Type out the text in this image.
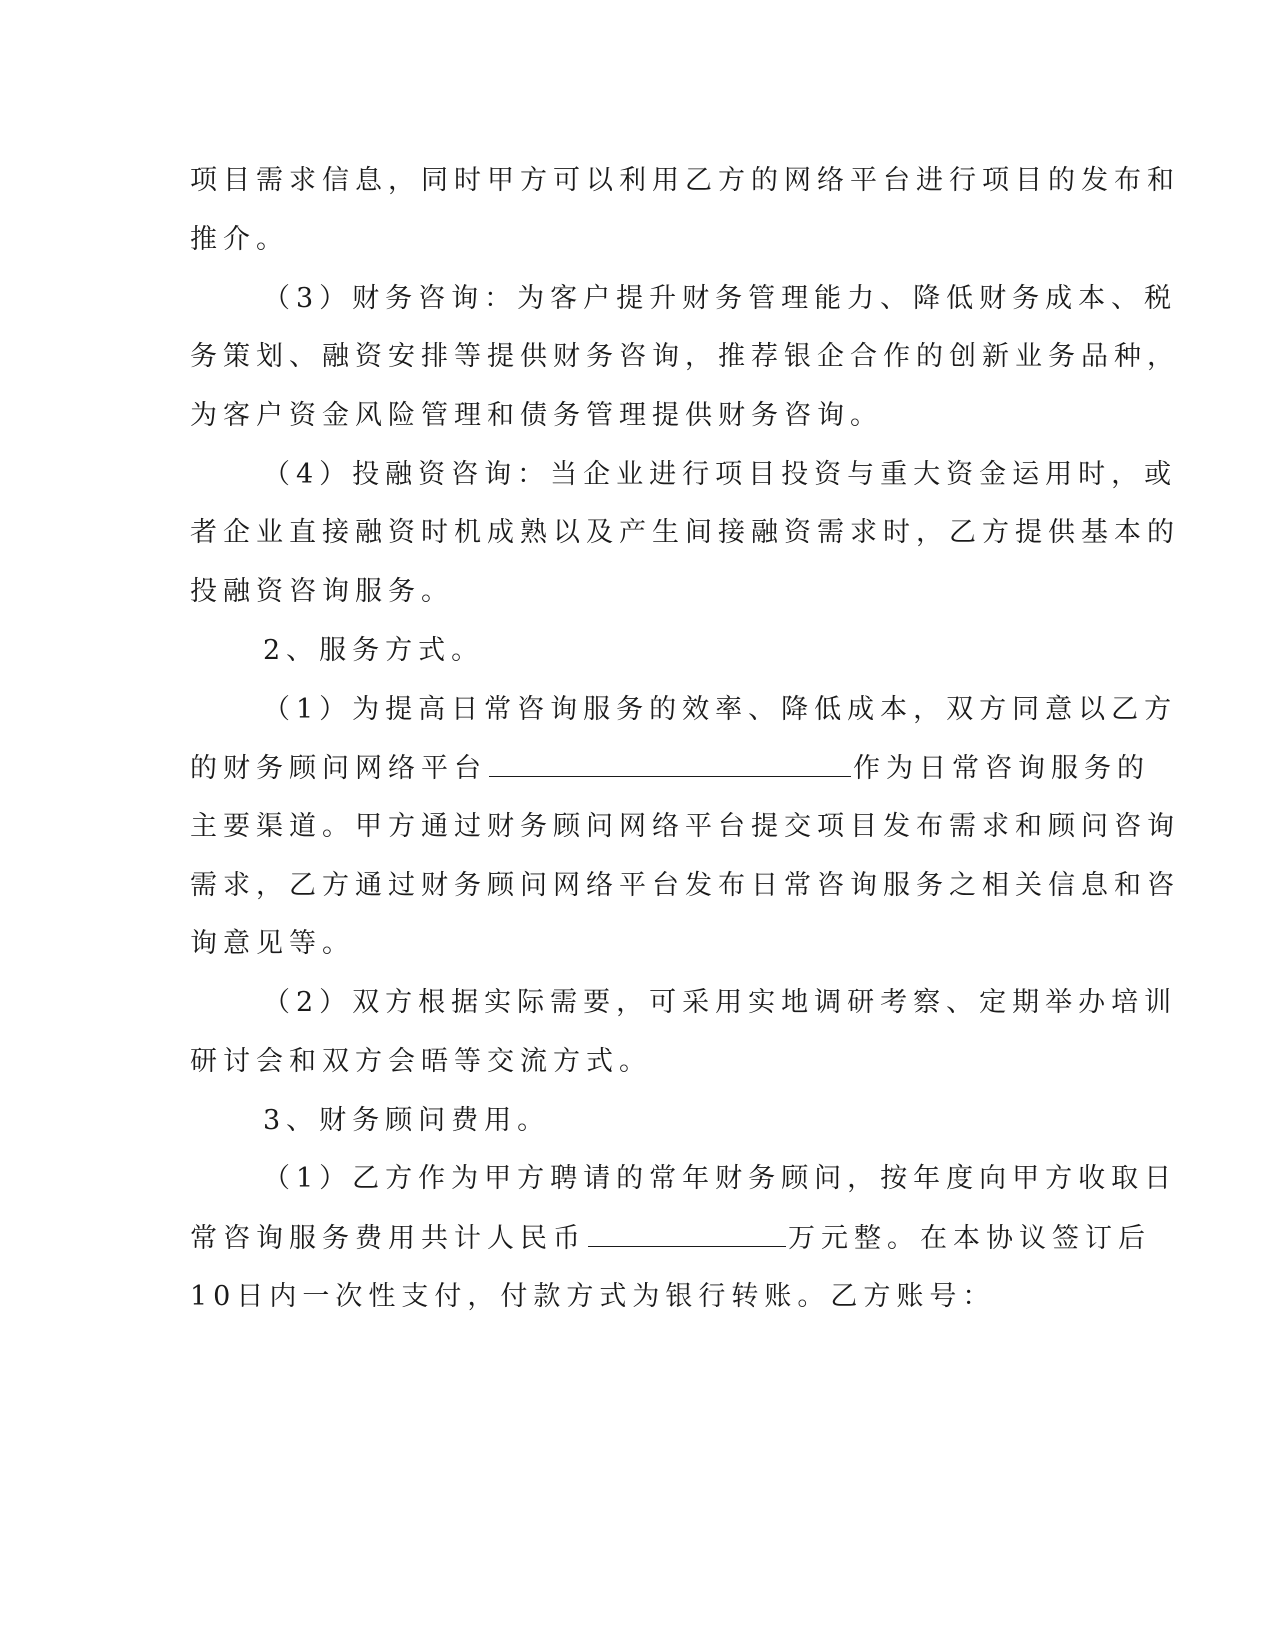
项目需求信息，同时甲方可以利用乙方的网络平台进行项目的发布和
推介。
（3）财务咨询：为客户提升财务管理能力、降低财务成本、税
务策划、融资安排等提供财务咨询，推荐银企合作的创新业务品种，
为客户资金风险管理和债务管理提供财务咨询。
（4）投融资咨询：当企业进行项目投资与重大资金运用时，或
者企业直接融资时机成熟以及产生间接融资需求时，乙方提供基本的
投融资咨询服务。
2、服务方式。
（1）为提高日常咨询服务的效率、降低成本，双方同意以乙方
的财务顾问网络平台	作为日常咨询服务的
主要渠道。甲方通过财务顾问网络平台提交项目发布需求和顾问咨询
需求，乙方通过财务顾问网络平台发布日常咨询服务之相关信息和咨
询意见等。
（2）双方根据实际需要，可采用实地调研考察、定期举办培训
研讨会和双方会晤等交流方式。
3、财务顾问费用。
（1）乙方作为甲方聘请的常年财务顾问，按年度向甲方收取日
常咨询服务费用共计人民币	万元整。在本协议签订后
10日内一次性支付，付款方式为银行转账。乙方账号：
